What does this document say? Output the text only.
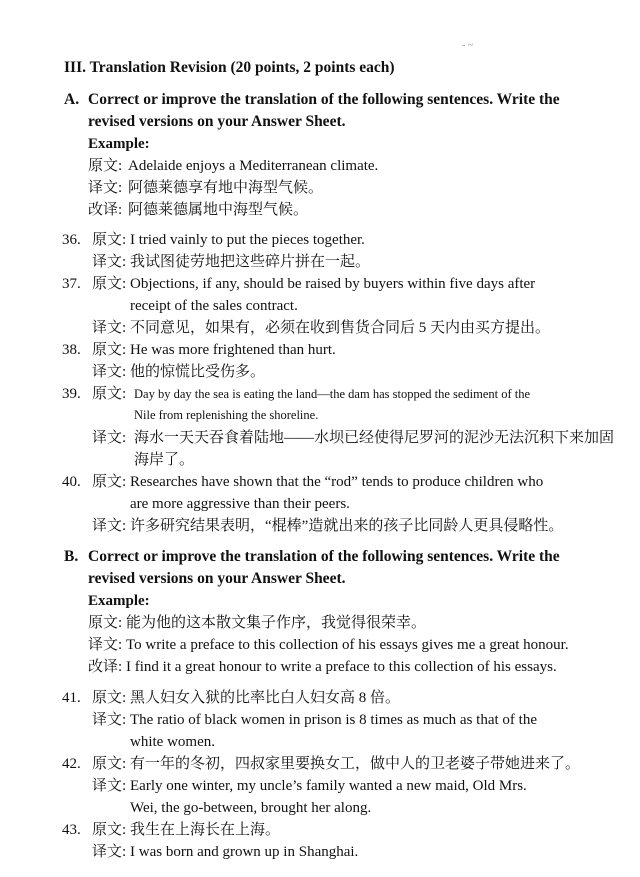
- ~
III. Translation Revision (20 points, 2 points each)
A. Correct or improve the translation of the following sentences. Write the
revised versions on your Answer Sheet.
Example:
原文: Adelaide enjoys a Mediterranean climate.
译文: 阿德莱德享有地中海型气候。
改译: 阿德莱德属地中海型气候。
36. 原文: I tried vainly to put the pieces together.
译文: 我试图徒劳地把这些碎片拼在一起。
37. 原文: Objections, if any, should be raised by buyers within five days after
receipt of the sales contract.
译文: 不同意见，如果有，必须在收到售货合同后 5 天内由买方提出。
38. 原文: He was more frightened than hurt.
译文: 他的惊慌比受伤多。
39. 原文: Day by day the sea is eating the land—the dam has stopped the sediment of the
Nile from replenishing the shoreline.
译文: 海水一天天吞食着陆地——水坝已经使得尼罗河的泥沙无法沉积下来加固
海岸了。
40. 原文: Researches have shown that the “rod” tends to produce children who
are more aggressive than their peers.
译文: 许多研究结果表明，“棍棒”造就出来的孩子比同龄人更具侵略性。
B. Correct or improve the translation of the following sentences. Write the
revised versions on your Answer Sheet.
Example:
原文: 能为他的这本散文集子作序，我觉得很荣幸。
译文: To write a preface to this collection of his essays gives me a great honour.
改译: I find it a great honour to write a preface to this collection of his essays.
41. 原文: 黑人妇女入狱的比率比白人妇女高 8 倍。
译文: The ratio of black women in prison is 8 times as much as that of the
white women.
42. 原文: 有一年的冬初，四叔家里要换女工，做中人的卫老婆子带她进来了。
译文: Early one winter, my uncle’s family wanted a new maid, Old Mrs.
Wei, the go-between, brought her along.
43. 原文: 我生在上海长在上海。
译文: I was born and grown up in Shanghai.
